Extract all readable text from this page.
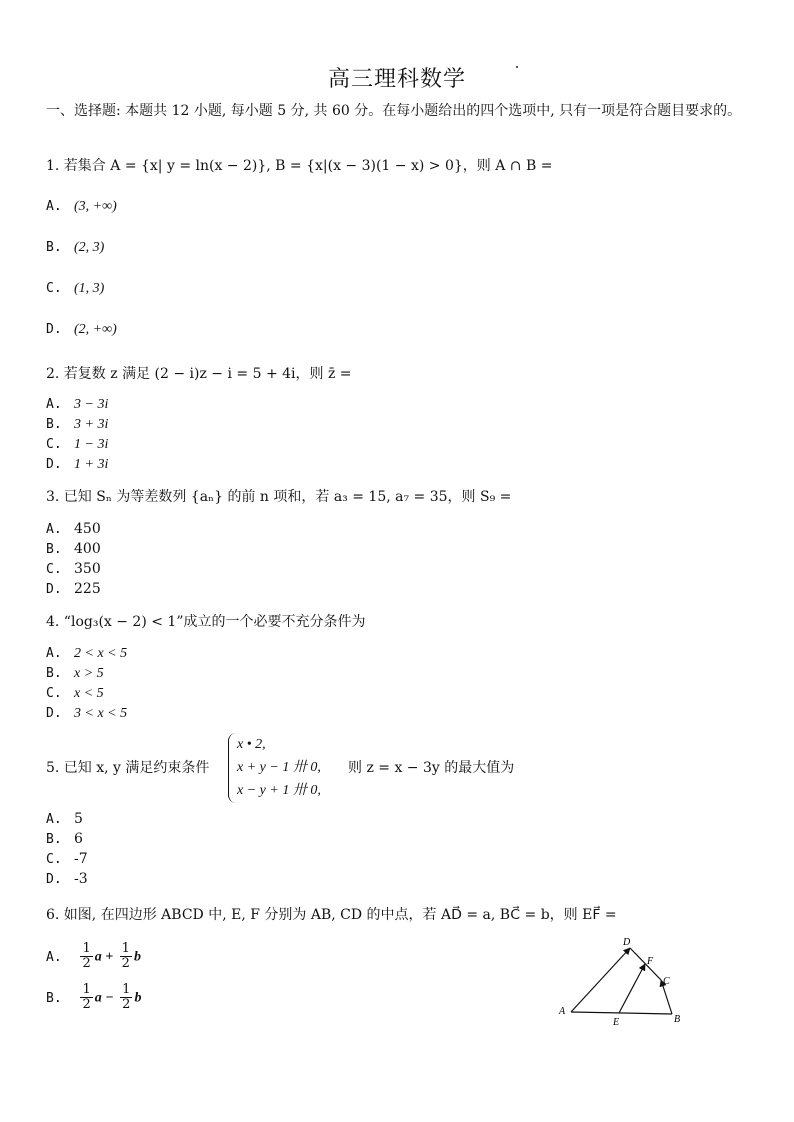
高三理科数学
一、选择题: 本题共 12 小题, 每小题 5 分, 共 60 分。在每小题给出的四个选项中, 只有一项是符合题目要求的。
1. 若集合 A = {x| y = ln(x − 2)}, B = {x|(x − 3)(1 − x) > 0}，则 A ∩ B =
A. (3, +∞)
B. (2, 3)
C. (1, 3)
D. (2, +∞)
2. 若复数 z 满足 (2 − i)z − i = 5 + 4i，则 z̄ =
A. 3 − 3i
B. 3 + 3i
C. 1 − 3i
D. 1 + 3i
3. 已知 Sₙ 为等差数列 {aₙ} 的前 n 项和，若 a₃ = 15, a₇ = 35，则 S₉ =
A. 450
B. 400
C. 350
D. 225
4. “log₃(x − 2) < 1”成立的一个必要不充分条件为
A. 2 < x < 5
B. x > 5
C. x < 5
D. 3 < x < 5
5. 已知 x, y 满足约束条件
x • 2,
x + y − 1 卅 0,
x − y + 1 卅 0,
则 z = x − 3y 的最大值为
A. 5
B. 6
C. -7
D. -3
6. 如图, 在四边形 ABCD 中, E, F 分别为 AB, CD 的中点，若 AD⃗ = a, BC⃗ = b，则 EF⃗ =
A. $\frac{1}{2}$ $a + \frac{1}{2}$ b
B. $\frac{1}{2}$ $a - \frac{1}{2}$ b
A
B
C
D
E
F
